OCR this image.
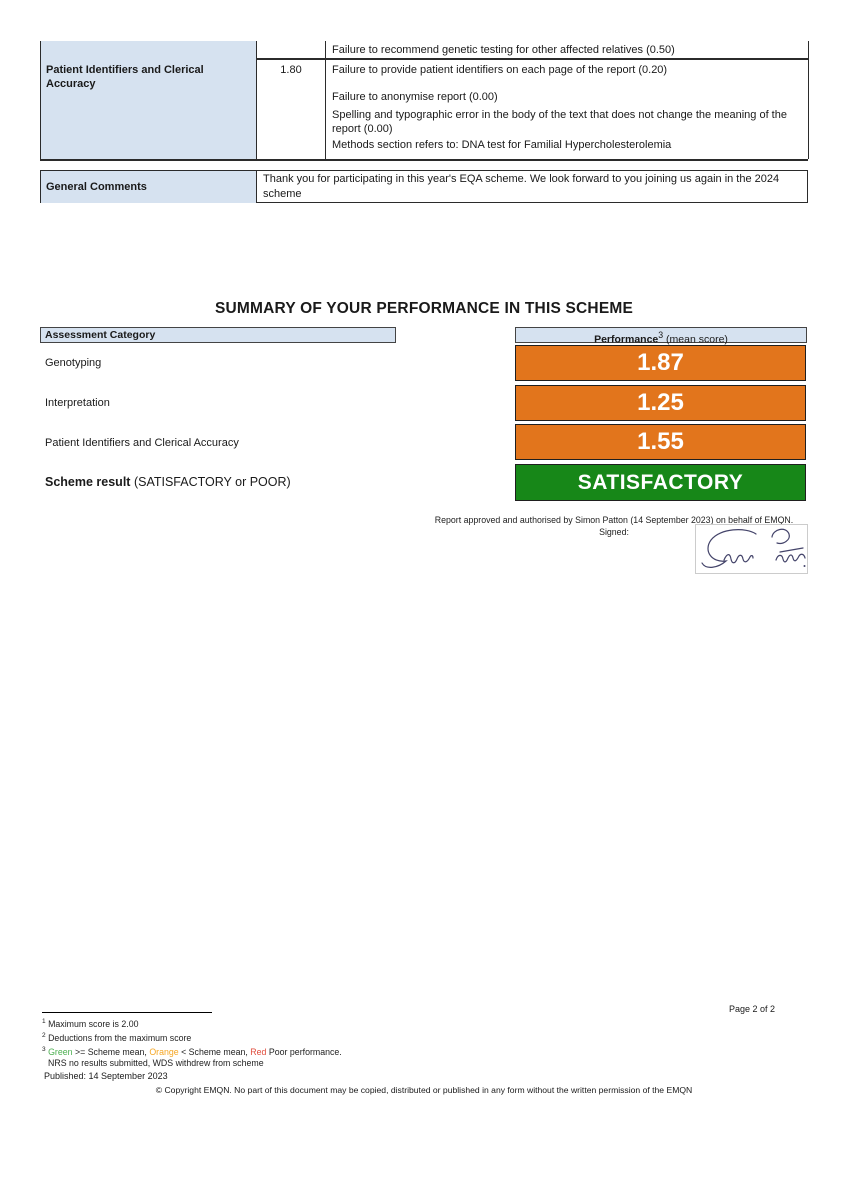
Failure to recommend genetic testing for other affected relatives (0.50)
Patient Identifiers and Clerical Accuracy
1.80	Failure to provide patient identifiers on each page of the report (0.20)

Failure to anonymise report (0.00)

Spelling and typographic error in the body of the text that does not change the meaning of the report (0.00)

Methods section refers to: DNA test for Familial Hypercholesterolemia

General Comments
Thank you for participating in this year's EQA scheme. We look forward to you joining us again in the 2024 scheme
SUMMARY OF YOUR PERFORMANCE IN THIS SCHEME
Assessment Category	Performance$^3$ (mean score)
Genotyping	1.87
Interpretation	1.25
Patient Identifiers and Clerical Accuracy	1.55
Scheme result (SATISFACTORY or POOR)	SATISFACTORY
Report approved and authorised by Simon Patton (14 September 2023) on behalf of EMQN.
Signed:
$^1$ Maximum score is 2.00
$^2$ Deductions from the maximum score
$^3$ Green >= Scheme mean, Orange < Scheme mean, Red Poor performance.
NRS no results submitted, WDS withdrew from scheme
Published: 14 September 2023
© Copyright EMQN. No part of this document may be copied, distributed or published in any form without the written permission of the EMQN
Page 2 of 2
